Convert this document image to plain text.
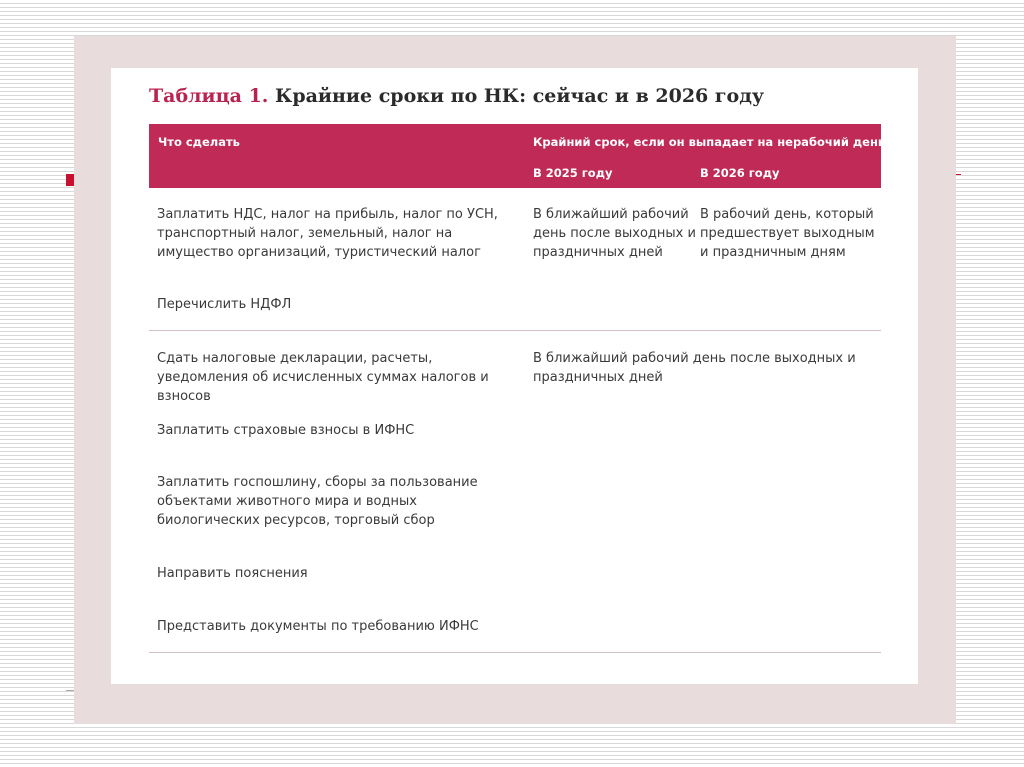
Таблица 1. Крайние сроки по НК: сейчас и в 2026 году
Что сделать	Крайний срок, если он выпадает на нерабочий день
В 2025 году	В 2026 году
Заплатить НДС, налог на прибыль, налог по УСН, транспортный налог, земельный, налог на имущество организаций, туристический налог
Перечислить НДФЛ
В ближайший рабочий день после выходных и праздничных дней
В рабочий день, который предшествует выходным и праздничным дням
Сдать налоговые декларации, расчеты, уведомления об исчисленных суммах налогов и взносов
Заплатить страховые взносы в ИФНС
Заплатить госпошлину, сборы за пользование объектами животного мира и водных биологических ресурсов, торговый сбор
Направить пояснения
Представить документы по требованию ИФНС
В ближайший рабочий день после выходных и праздничных дней
